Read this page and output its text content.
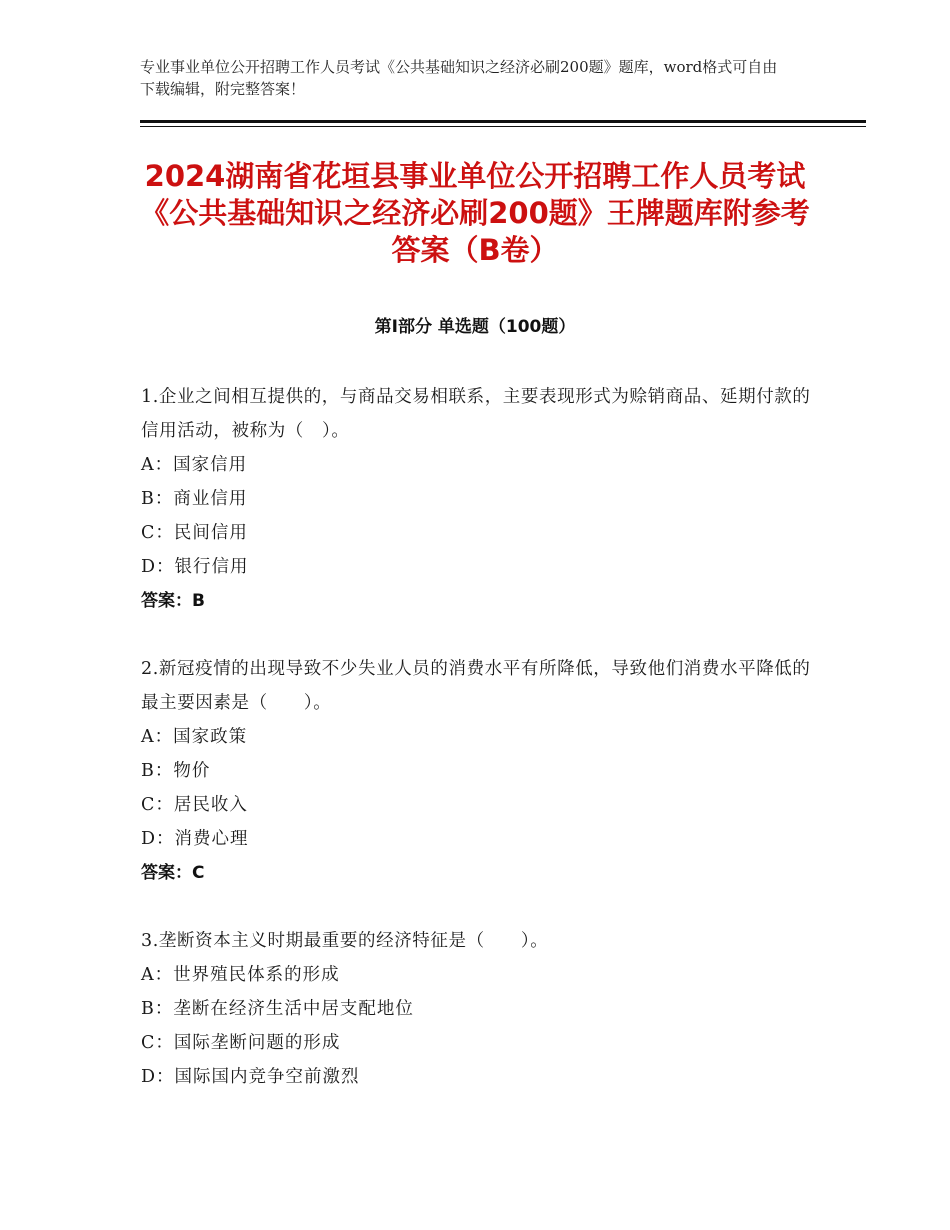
专业事业单位公开招聘工作人员考试《公共基础知识之经济必刷200题》题库，word格式可自由下载编辑，附完整答案！
2024湖南省花垣县事业单位公开招聘工作人员考试《公共基础知识之经济必刷200题》王牌题库附参考答案（B卷）
第Ⅰ部分 单选题（100题）
1.企业之间相互提供的，与商品交易相联系，主要表现形式为赊销商品、延期付款的信用活动，被称为（　）。
A：国家信用
B：商业信用
C：民间信用
D：银行信用
答案：B
2.新冠疫情的出现导致不少失业人员的消费水平有所降低，导致他们消费水平降低的最主要因素是（　　）。
A：国家政策
B：物价
C：居民收入
D：消费心理
答案：C
3.垄断资本主义时期最重要的经济特征是（　　）。
A：世界殖民体系的形成
B：垄断在经济生活中居支配地位
C：国际垄断问题的形成
D：国际国内竞争空前激烈
